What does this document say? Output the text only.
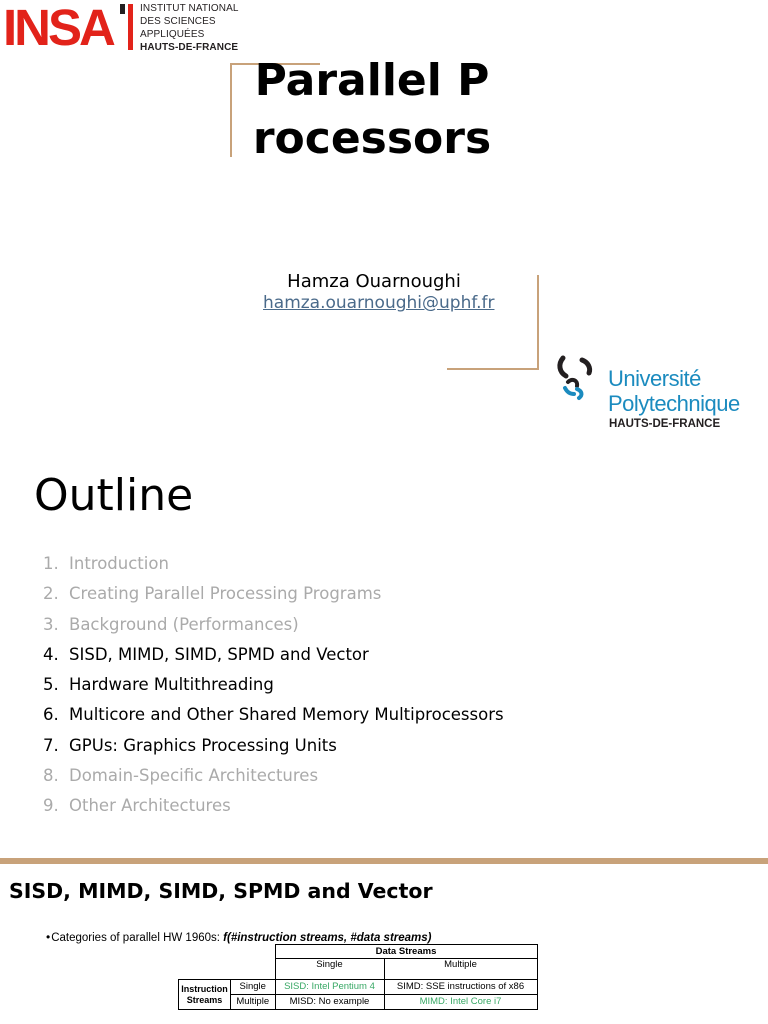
INSA	INSTITUT NATIONAL
DES SCIENCES
APPLIQUÉES
HAUTS-DE-FRANCE
Parallel Processors
Hamza Ouarnoughi
hamza.ouarnoughi@uphf.fr
Université
Polytechnique
HAUTS-DE-FRANCE
Outline
1. Introduction
2. Creating Parallel Processing Programs
3. Background (Performances)
4. SISD, MIMD, SIMD, SPMD and Vector
5. Hardware Multithreading
6. Multicore and Other Shared Memory Multiprocessors
7. GPUs: Graphics Processing Units
8. Domain-Specific Architectures
9. Other Architectures
SISD, MIMD, SIMD, SPMD and Vector
•Categories of parallel HW 1960s: f(#instruction streams, #data streams)
		Data Streams	
		Single	Multiple
Instruction Streams	Single	SISD: Intel Pentium 4	SIMD: SSE instructions of x86
	Multiple	MISD: No example	MIMD: Intel Core i7
